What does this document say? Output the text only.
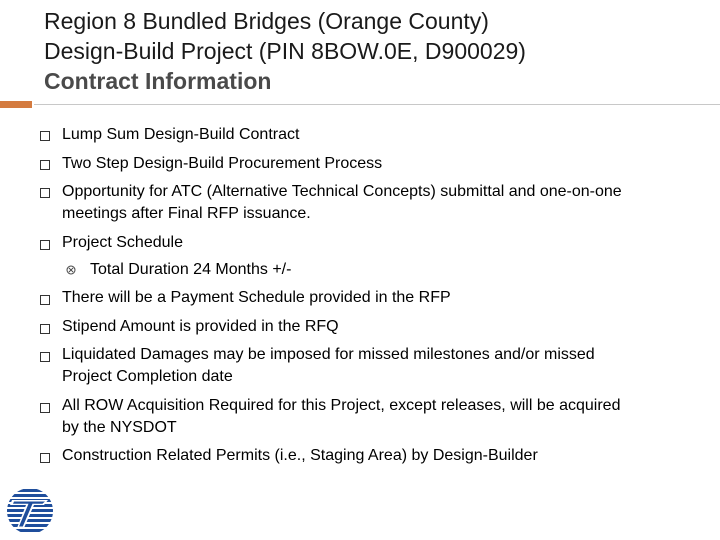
Region 8 Bundled Bridges (Orange County)
Design-Build Project (PIN 8BOW.0E, D900029)
Contract Information
Lump Sum Design-Build Contract
Two Step Design-Build Procurement Process
Opportunity for ATC (Alternative Technical Concepts) submittal and one-on-one
meetings after Final RFP issuance.
Project Schedule
Total Duration 24 Months +/-
There will be a Payment Schedule provided in the RFP
Stipend Amount is provided in the RFQ
Liquidated Damages may be imposed for missed milestones and/or missed
Project Completion date
All ROW Acquisition Required for this Project, except releases, will be acquired
by the NYSDOT
Construction Related Permits (i.e., Staging Area) by Design-Builder
